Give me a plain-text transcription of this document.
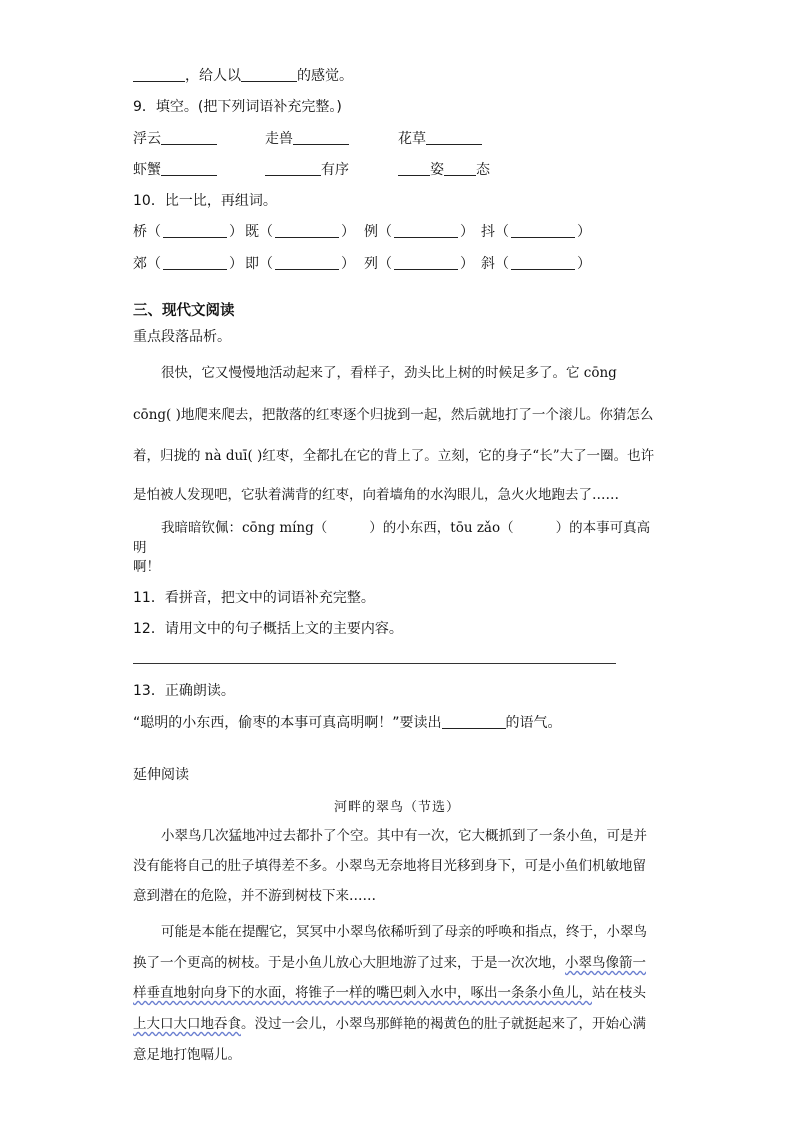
，给人以	的感觉。
9．填空。(把下列词语补充完整。)
浮云	走兽	花草
虾蟹	有序	姿 态
10．比一比，再组词。
桥（	） 既（	） 例（	） 抖（	）
郊（	） 即（	） 列（	） 斜（	）
三、现代文阅读
重点段落品析。
很快，它又慢慢地活动起来了，看样子，劲头比上树的时候足多了。它 cōng
cōng( )地爬来爬去，把散落的红枣逐个归拢到一起，然后就地打了一个滚儿。你猜怎么
着，归拢的 nà duī( )红枣，全都扎在它的背上了。立刻，它的身子“长”大了一圈。也许
是怕被人发现吧，它驮着满背的红枣，向着墙角的水沟眼儿，急火火地跑去了……
我暗暗钦佩：cōng míng（	）的小东西，tōu zǎo（	）的本事可真高明
啊！
11．看拼音，把文中的词语补充完整。
12．请用文中的句子概括上文的主要内容。
13．正确朗读。
“聪明的小东西，偷枣的本事可真高明啊！”要读出	的语气。
延伸阅读
河畔的翠鸟（节选）
小翠鸟几次猛地冲过去都扑了个空。其中有一次，它大概抓到了一条小鱼，可是并
没有能将自己的肚子填得差不多。小翠鸟无奈地将目光移到身下，可是小鱼们机敏地留
意到潜在的危险，并不游到树枝下来……
可能是本能在提醒它，冥冥中小翠鸟依稀听到了母亲的呼唤和指点，终于，小翠鸟
换了一个更高的树枝。于是小鱼儿放心大胆地游了过来，于是一次次地，小翠鸟像箭一
样垂直地射向身下的水面，将锥子一样的嘴巴刺入水中，啄出一条条小鱼儿，站在枝头
上大口大口地吞食。没过一会儿，小翠鸟那鲜艳的褐黄色的肚子就挺起来了，开始心满
意足地打饱嗝儿。
